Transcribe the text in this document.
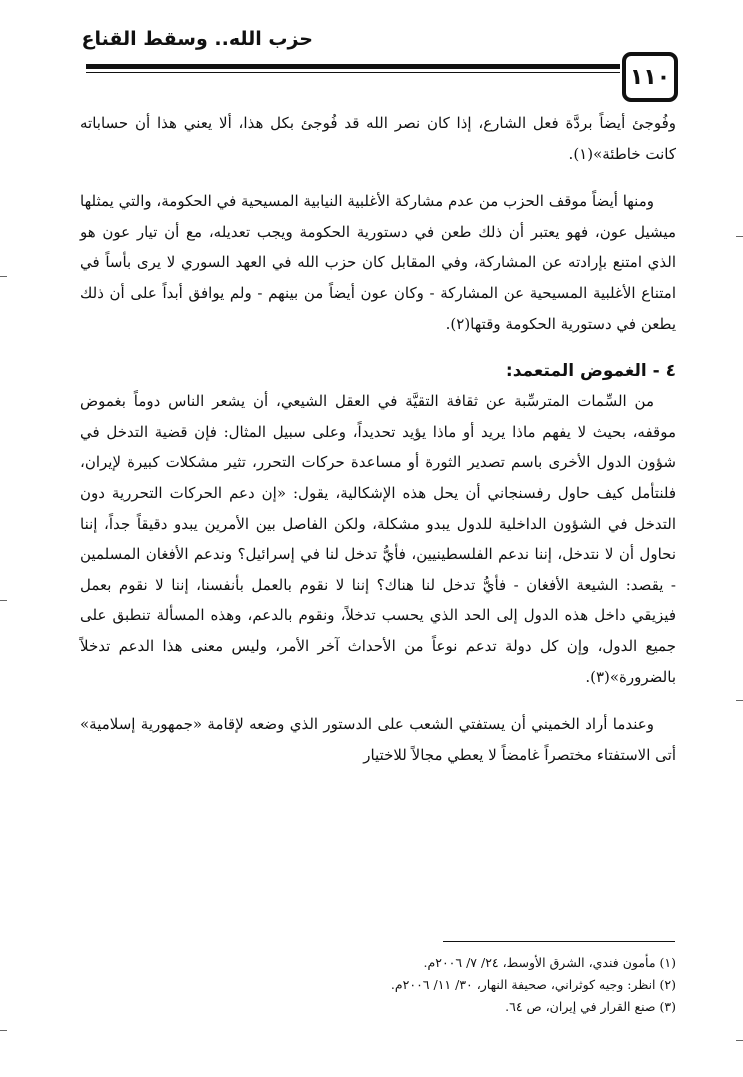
حزب الله.. وسقط القناع
١١٠

وفُوجئ أيضاً بردَّة فعل الشارع، إذا كان نصر الله قد فُوجئ بكل هذا، ألا يعني هذا أن حساباته كانت خاطئة»(١).

ومنها أيضاً موقف الحزب من عدم مشاركة الأغلبية النيابية المسيحية في الحكومة، والتي يمثلها ميشيل عون، فهو يعتبر أن ذلك طعن في دستورية الحكومة ويجب تعديله، مع أن تيار عون هو الذي امتنع بإرادته عن المشاركة، وفي المقابل كان حزب الله في العهد السوري لا يرى بأساً في امتناع الأغلبية المسيحية عن المشاركة - وكان عون أيضاً من بينهم - ولم يوافق أبداً على أن ذلك يطعن في دستورية الحكومة وقتها(٢).

٤ - الغموض المتعمد:

من السِّمات المترسِّبة عن ثقافة التقيَّة في العقل الشيعي، أن يشعر الناس دوماً بغموض موقفه، بحيث لا يفهم ماذا يريد أو ماذا يؤيد تحديداً، وعلى سبيل المثال: فإن قضية التدخل في شؤون الدول الأخرى باسم تصدير الثورة أو مساعدة حركات التحرر، تثير مشكلات كبيرة لإيران، فلنتأمل كيف حاول رفسنجاني أن يحل هذه الإشكالية، يقول: «إن دعم الحركات التحررية دون التدخل في الشؤون الداخلية للدول يبدو مشكلة، ولكن الفاصل بين الأمرين يبدو دقيقاً جداً، إننا نحاول أن لا نتدخل، إننا ندعم الفلسطينيين، فأيُّ تدخل لنا في إسرائيل؟ وندعم الأفغان المسلمين - يقصد: الشيعة الأفغان - فأيُّ تدخل لنا هناك؟ إننا لا نقوم بالعمل بأنفسنا، إننا لا نقوم بعمل فيزيقي داخل هذه الدول إلى الحد الذي يحسب تدخلاً، ونقوم بالدعم، وهذه المسألة تنطبق على جميع الدول، وإن كل دولة تدعم نوعاً من الأحداث آخر الأمر، وليس معنى هذا الدعم تدخلاً بالضرورة»(٣).

وعندما أراد الخميني أن يستفتي الشعب على الدستور الذي وضعه لإقامة «جمهورية إسلامية» أتى الاستفتاء مختصراً غامضاً لا يعطي مجالاً للاختيار

(١) مأمون فندي، الشرق الأوسط، ٢٤/ ٧/ ٢٠٠٦م.

(٢) انظر: وجيه كوثراني، صحيفة النهار، ٣٠/ ١١/ ٢٠٠٦م.

(٣) صنع القرار في إيران، ص ٦٤.
